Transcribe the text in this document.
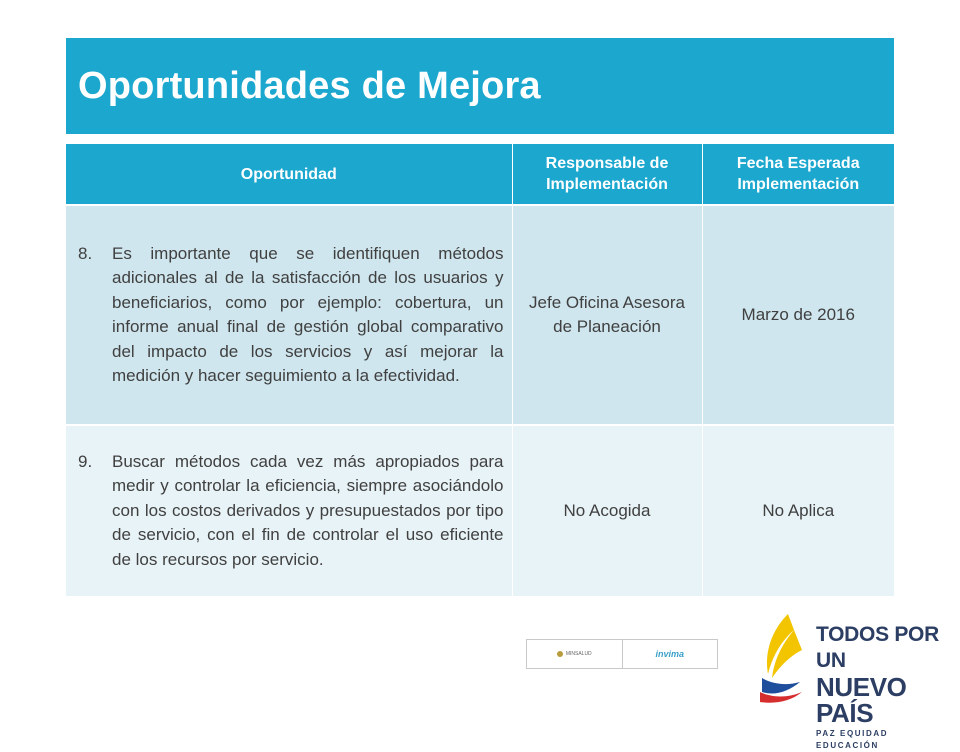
Oportunidades de Mejora
Oportunidad	Responsable de Implementación	Fecha Esperada Implementación

8. Es importante que se identifiquen métodos adicionales al de la satisfacción de los usuarios y beneficiarios, como por ejemplo: cobertura, un informe anual final de gestión global comparativo del impacto de los servicios y así mejorar la medición y hacer seguimiento a la efectividad.	Jefe Oficina Asesora de Planeación	Marzo de 2016

9. Buscar métodos cada vez más apropiados para medir y controlar la eficiencia, siempre asociándolo con los costos derivados y presupuestados por tipo de servicio, con el fin de controlar el uso eficiente de los recursos por servicio.	No Acogida	No Aplica
MINSALUD	invima
TODOS POR UN
NUEVO PAÍS
PAZ EQUIDAD EDUCACIÓN
